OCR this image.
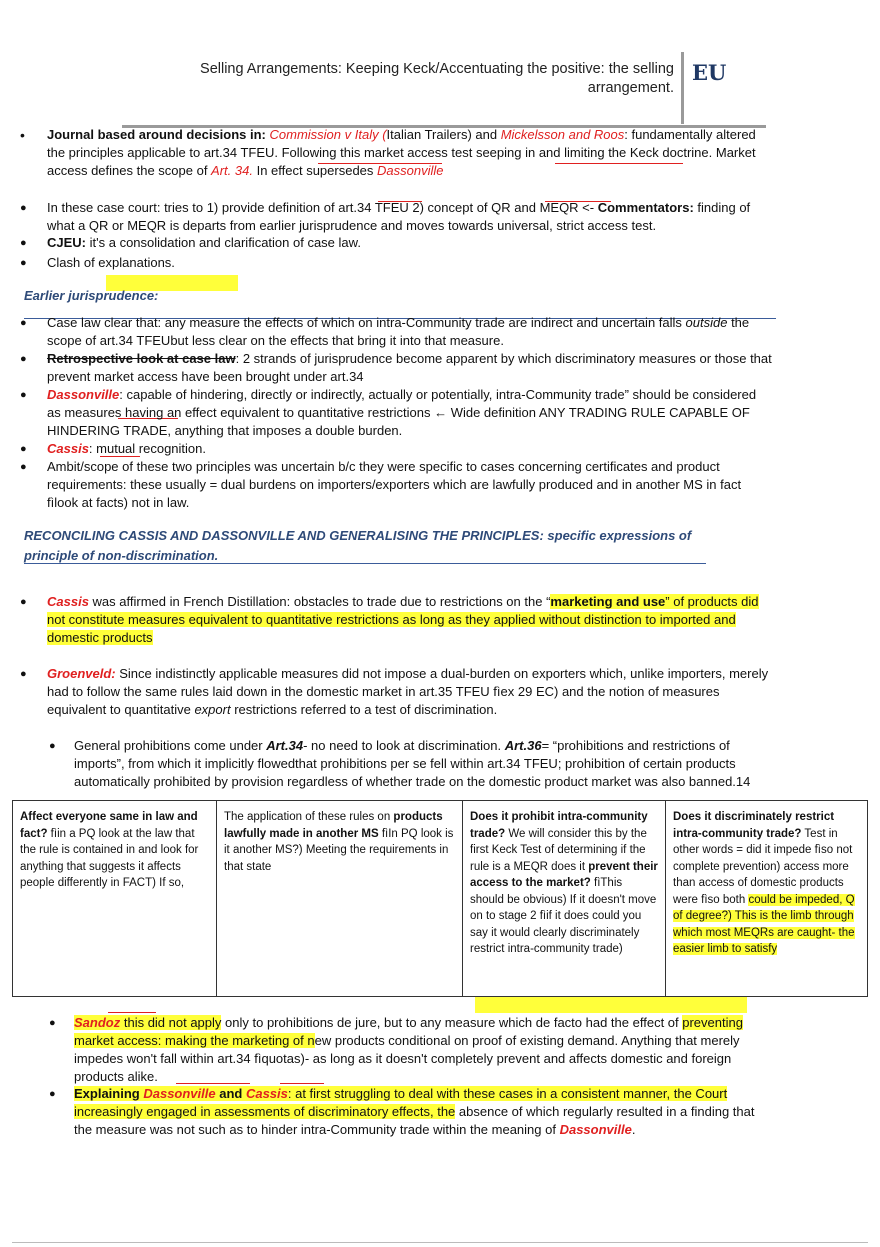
Selling Arrangements: Keeping Keck/Accentuating the positive: the selling arrangement.
EU
• Journal based around decisions in: Commission v Italy (Italian Trailers) and Mickelsson and Roos: fundamentally altered the principles applicable to art.34 TFEU. Following this market access test seeping in and limiting the Keck doctrine. Market access defines the scope of Art. 34. In effect supersedes Dassonville
● In these case court: tries to 1) provide definition of art.34 TFEU 2) concept of QR and MEQR <- Commentators: finding of what a QR or MEQR is departs from earlier jurisprudence and moves towards universal, strict access test.
● CJEU: it's a consolidation and clarification of case law.
● Clash of explanations.
Earlier jurisprudence:
● Case law clear that: any measure the effects of which on intra-Community trade are indirect and uncertain falls outside the scope of art.34 TFEUbut less clear on the effects that bring it into that measure.
● Retrospective look at case law: 2 strands of jurisprudence become apparent by which discriminatory measures or those that prevent market access have been brought under art.34
● Dassonville: capable of hindering, directly or indirectly, actually or potentially, intra-Community trade” should be considered as measures having an effect equivalent to quantitative restrictions ← Wide definition ANY TRADING RULE CAPABLE OF HINDERING TRADE, anything that imposes a double burden.
● Cassis: mutual recognition.
● Ambit/scope of these two principles was uncertain b/c they were specific to cases concerning certificates and product requirements: these usually = dual burdens on importers/exporters which are lawfully produced and in another MS in fact fìlook at facts) not in law.
RECONCILING CASSIS AND DASSONVILLE AND GENERALISING THE PRINCIPLES: specific expressions of principle of non-discrimination.
● Cassis was affirmed in French Distillation: obstacles to trade due to restrictions on the “marketing and use” of products did not constitute measures equivalent to quantitative restrictions as long as they applied without distinction to imported and domestic products
● Groenveld: Since indistinctly applicable measures did not impose a dual-burden on exporters which, unlike importers, merely had to follow the same rules laid down in the domestic market in art.35 TFEU fìex 29 EC) and the notion of measures equivalent to quantitative export restrictions referred to a test of discrimination.
● General prohibitions come under Art.34- no need to look at discrimination. Art.36= “prohibitions and restrictions of imports”, from which it implicitly flowedthat prohibitions per se fell within art.34 TFEU; prohibition of certain products automatically prohibited by provision regardless of whether trade on the domestic product market was also banned.14
Affect everyone same in law and fact? fìin a PQ look at the law that the rule is contained in and look for anything that suggests it affects people differently in FACT) If so,	The application of these rules on products lawfully made in another MS fìIn PQ look is it another MS?) Meeting the requirements in that state	Does it prohibit intra-community trade? We will consider this by the first Keck Test of determining if the rule is a MEQR does it prevent their access to the market? fìThis should be obvious) If it doesn't move on to stage 2 fìif it does could you say it would clearly discriminately restrict intra-community trade)	Does it discriminately restrict intra-community trade? Test in other words = did it impede fìso not complete prevention) access more than access of domestic products were fìso both could be impeded, Q of degree?) This is the limb through which most MEQRs are caught- the easier limb to satisfy
● Sandoz this did not apply only to prohibitions de jure, but to any measure which de facto had the effect of preventing market access: making the marketing of new products conditional on proof of existing demand. Anything that merely impedes won't fall within art.34 fìquotas)- as long as it doesn't completely prevent and affects domestic and foreign products alike.
● Explaining Dassonville and Cassis: at first struggling to deal with these cases in a consistent manner, the Court increasingly engaged in assessments of discriminatory effects, the absence of which regularly resulted in a finding that the measure was not such as to hinder intra-Community trade within the meaning of Dassonville.
